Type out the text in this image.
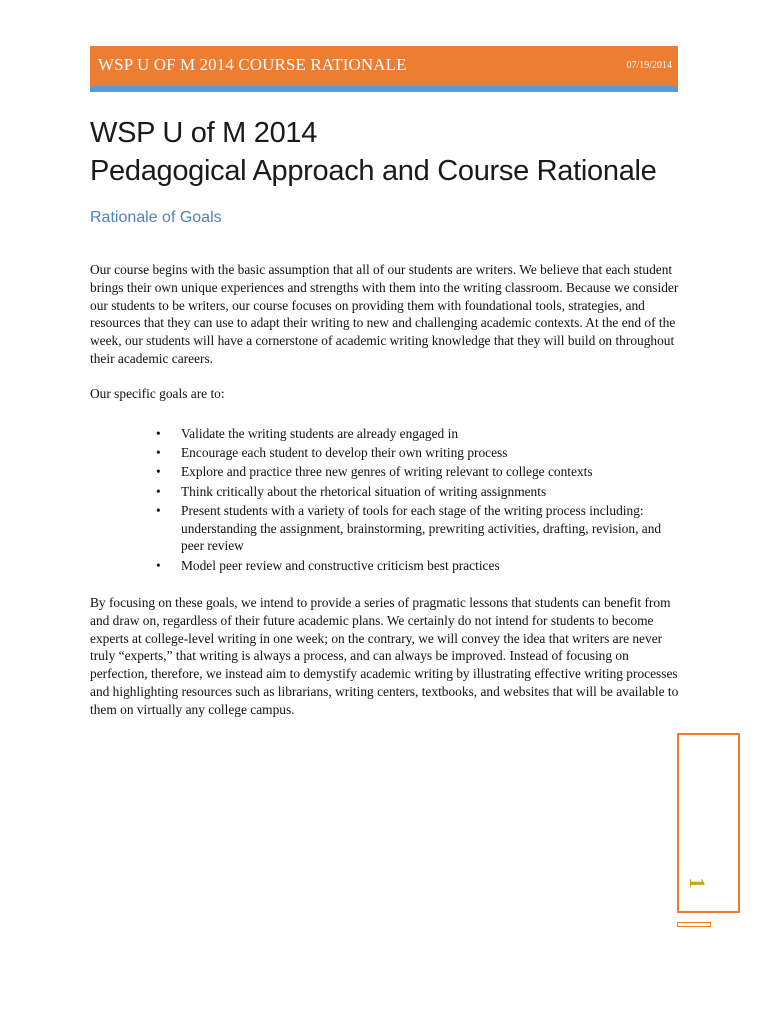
WSP U OF M 2014 COURSE RATIONALE	07/19/2014
WSP U of M 2014
Pedagogical Approach and Course Rationale
Rationale of Goals

Our course begins with the basic assumption that all of our students are writers. We believe that each student brings their own unique experiences and strengths with them into the writing classroom. Because we consider our students to be writers, our course focuses on providing them with foundational tools, strategies, and resources that they can use to adapt their writing to new and challenging academic contexts. At the end of the week, our students will have a cornerstone of academic writing knowledge that they will build on throughout their academic careers.

Our specific goals are to:

• Validate the writing students are already engaged in
• Encourage each student to develop their own writing process
• Explore and practice three new genres of writing relevant to college contexts
• Think critically about the rhetorical situation of writing assignments
• Present students with a variety of tools for each stage of the writing process including: understanding the assignment, brainstorming, prewriting activities, drafting, revision, and peer review
• Model peer review and constructive criticism best practices

By focusing on these goals, we intend to provide a series of pragmatic lessons that students can benefit from and draw on, regardless of their future academic plans. We certainly do not intend for students to become experts at college-level writing in one week; on the contrary, we will convey the idea that writers are never truly “experts,” that writing is always a process, and can always be improved. Instead of focusing on perfection, therefore, we instead aim to demystify academic writing by illustrating effective writing processes and highlighting resources such as librarians, writing centers, textbooks, and websites that will be available to them on virtually any college campus.

1
